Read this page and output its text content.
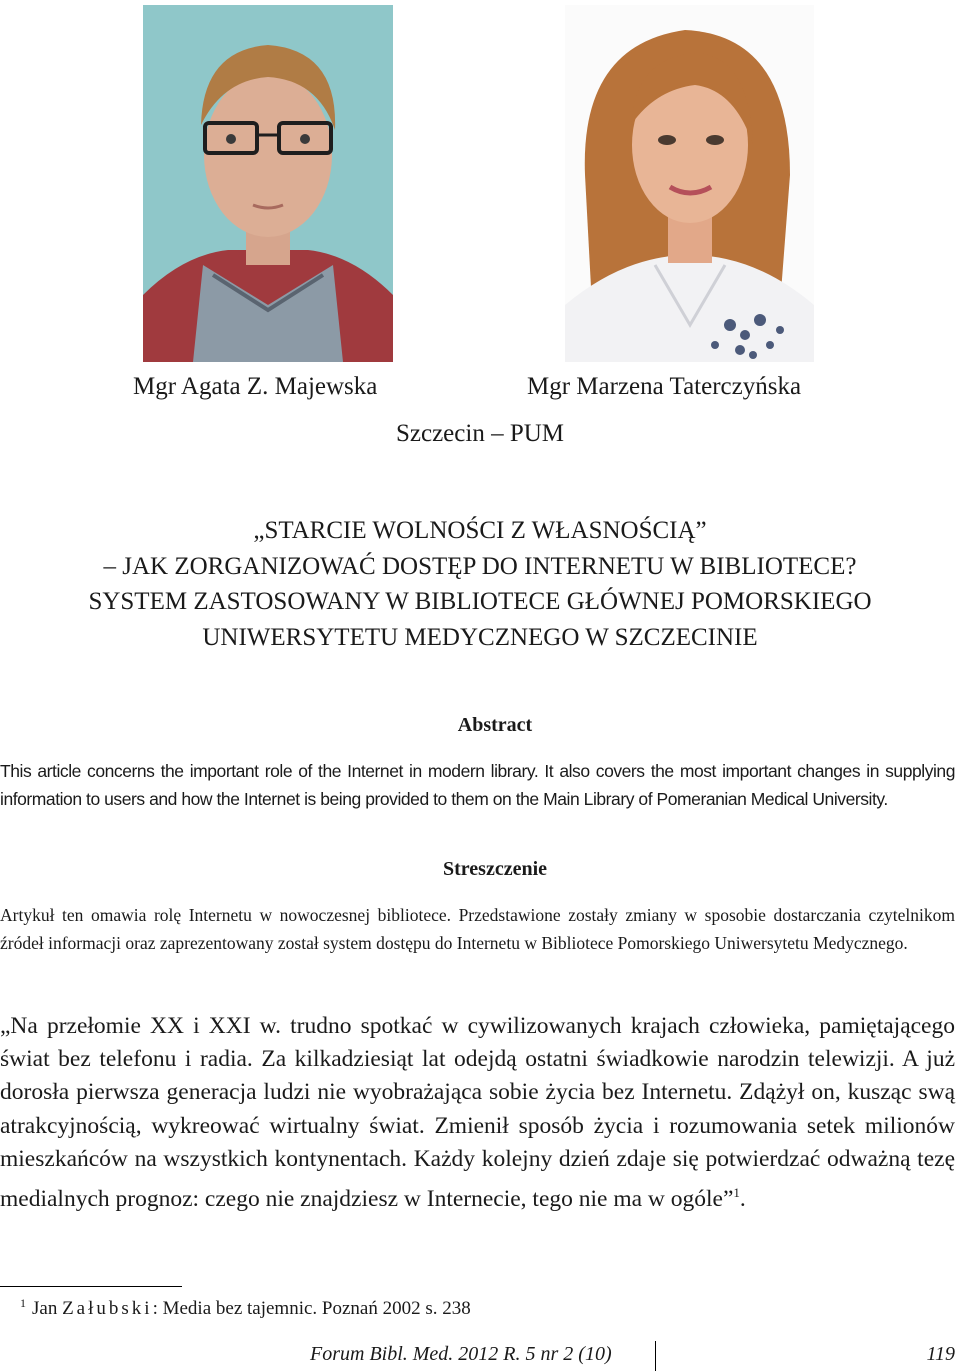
Mgr Agata Z. Majewska	Mgr Marzena Taterczyńska
Szczecin – PUM
„STARCIE WOLNOŚCI Z WŁASNOŚCIĄ”
– JAK ZORGANIZOWAĆ DOSTĘP DO INTERNETU W BIBLIOTECE?
SYSTEM ZASTOSOWANY W BIBLIOTECE GŁÓWNEJ POMORSKIEGO
UNIWERSYTETU MEDYCZNEGO W SZCZECINIE
Abstract

This article concerns the important role of the Internet in modern library. It also covers the most important changes in supplying information to users and how the Internet is being provided to them on the Main Library of Pomeranian Medical University.

Streszczenie

Artykuł ten omawia rolę Internetu w nowoczesnej bibliotece. Przedstawione zostały zmiany w sposobie dostarczania czytelnikom źródeł informacji oraz zaprezentowany został system dostępu do Internetu w Bibliotece Pomorskiego Uniwersytetu Medycznego.

„Na przełomie XX i XXI w. trudno spotkać w cywilizowanych krajach człowieka, pamiętającego świat bez telefonu i radia. Za kilkadziesiąt lat odejdą ostatni świadkowie narodzin telewizji. A już dorosła pierwsza generacja ludzi nie wyobrażająca sobie życia bez Internetu. Zdążył on, kusząc swą atrakcyjnością, wykreować wirtualny świat. Zmienił sposób życia i rozumowania setek milionów mieszkańców na wszystkich kontynentach. Każdy kolejny dzień zdaje się potwierdzać odważną tezę medialnych prognoz: czego nie znajdziesz w Internecie, tego nie ma w ogóle”$^1$.

$^1$ Jan Załubski: Media bez tajemnic. Poznań 2002 s. 238
Forum Bibl. Med. 2012 R. 5 nr 2 (10)	119
